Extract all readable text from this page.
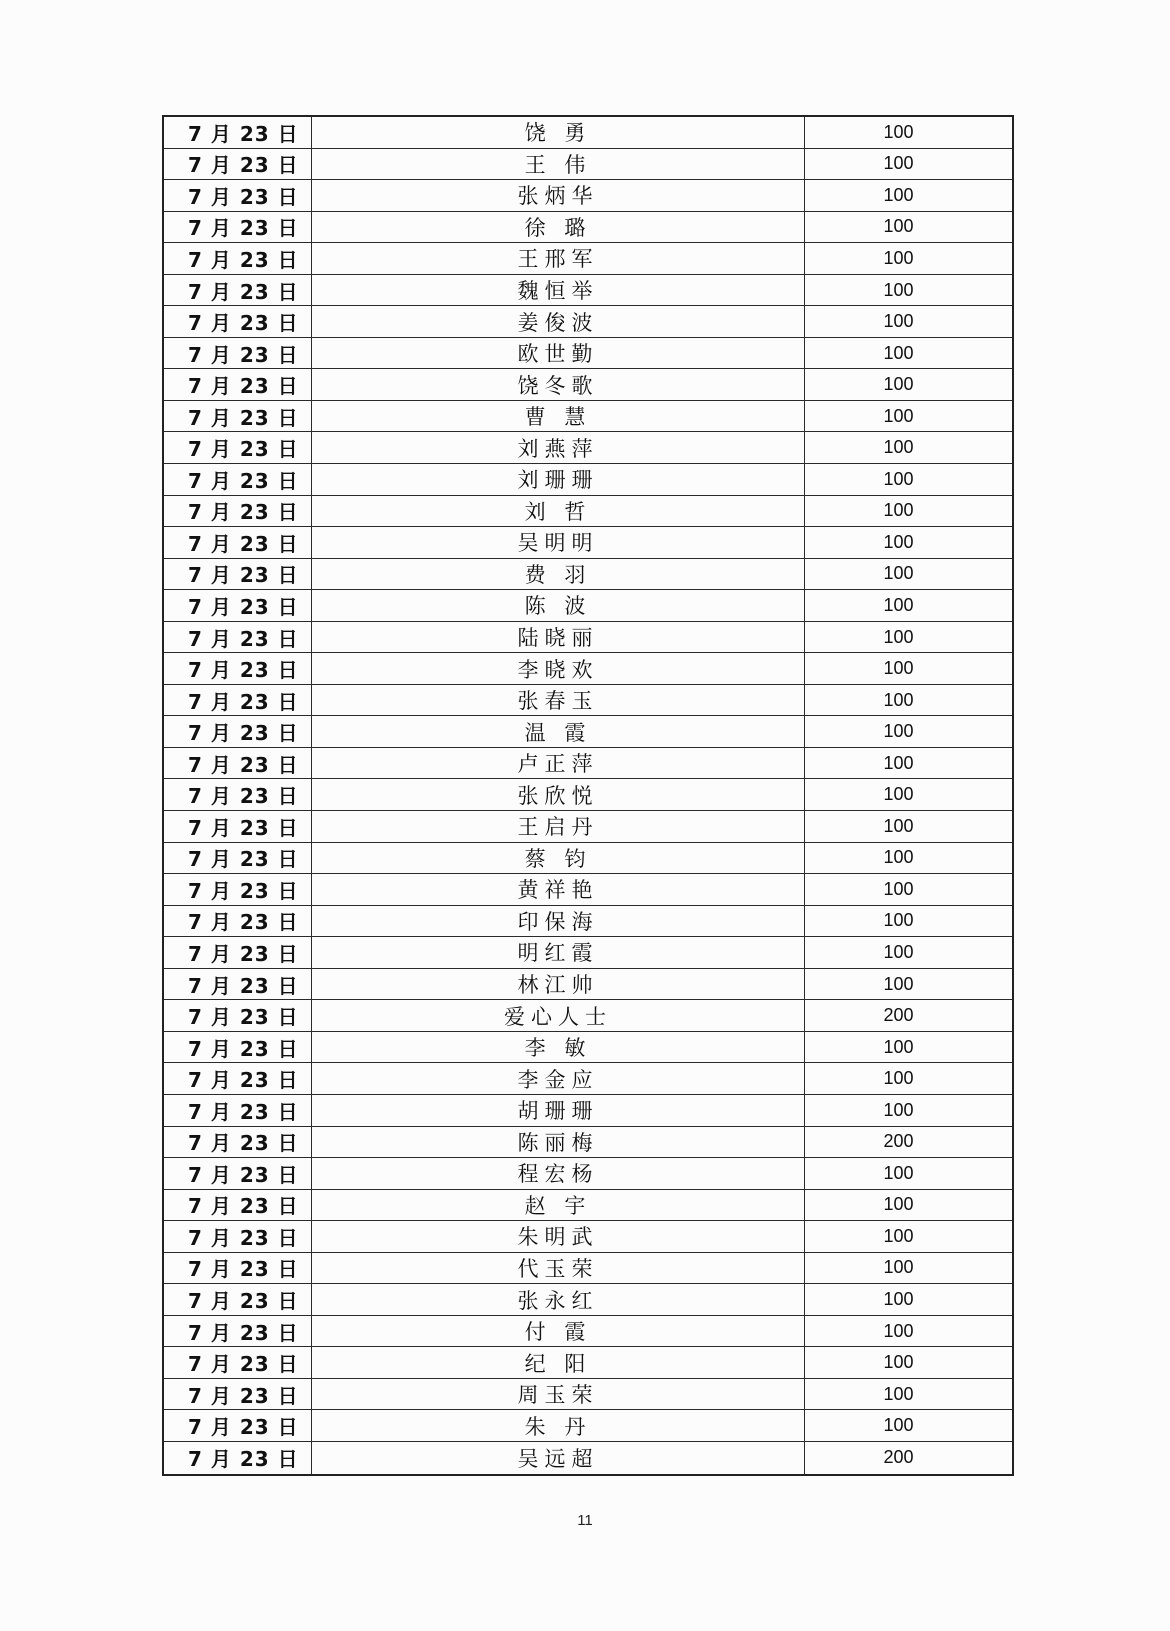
7 月 23 日	饶 勇	100
7 月 23 日	王 伟	100
7 月 23 日	张炳华	100
7 月 23 日	徐 璐	100
7 月 23 日	王邢军	100
7 月 23 日	魏恒举	100
7 月 23 日	姜俊波	100
7 月 23 日	欧世勤	100
7 月 23 日	饶冬歌	100
7 月 23 日	曹 慧	100
7 月 23 日	刘燕萍	100
7 月 23 日	刘珊珊	100
7 月 23 日	刘 哲	100
7 月 23 日	吴明明	100
7 月 23 日	费 羽	100
7 月 23 日	陈 波	100
7 月 23 日	陆晓丽	100
7 月 23 日	李晓欢	100
7 月 23 日	张春玉	100
7 月 23 日	温 霞	100
7 月 23 日	卢正萍	100
7 月 23 日	张欣悦	100
7 月 23 日	王启丹	100
7 月 23 日	蔡 钧	100
7 月 23 日	黄祥艳	100
7 月 23 日	印保海	100
7 月 23 日	明红霞	100
7 月 23 日	林江帅	100
7 月 23 日	爱心人士	200
7 月 23 日	李 敏	100
7 月 23 日	李金应	100
7 月 23 日	胡珊珊	100
7 月 23 日	陈丽梅	200
7 月 23 日	程宏杨	100
7 月 23 日	赵 宇	100
7 月 23 日	朱明武	100
7 月 23 日	代玉荣	100
7 月 23 日	张永红	100
7 月 23 日	付 霞	100
7 月 23 日	纪 阳	100
7 月 23 日	周玉荣	100
7 月 23 日	朱 丹	100
7 月 23 日	吴远超	200
11
